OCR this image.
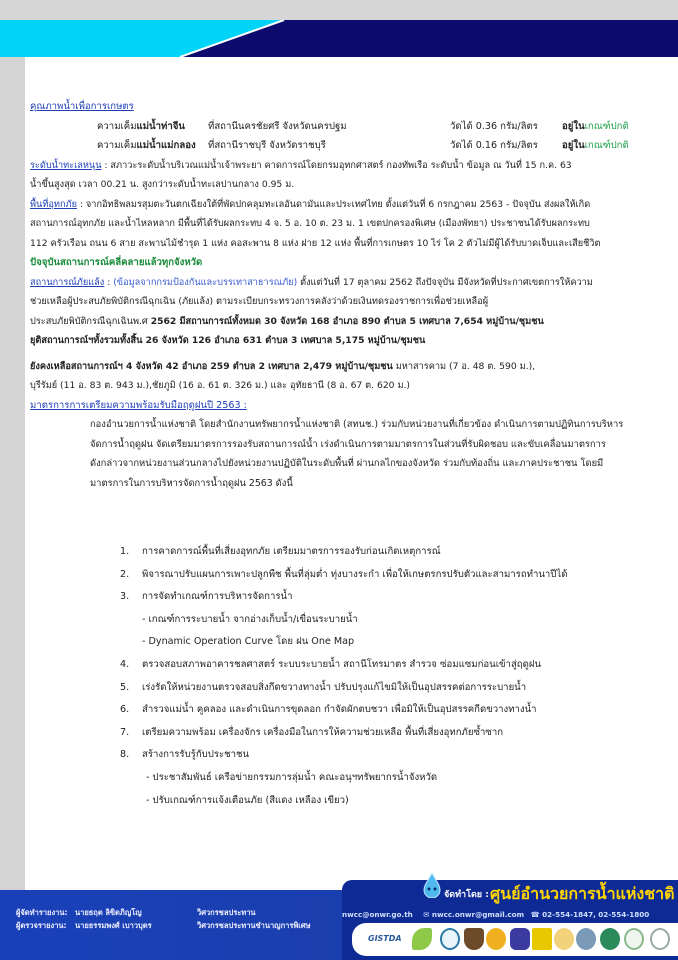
คุณภาพน้ำเพื่อการเกษตร
ความเค็มแม่น้ำท่าจีน ที่สถานีนครชัยศรี จังหวัดนครปฐม	วัดได้ 0.36 กรัม/ลิตร	อยู่ในเกณฑ์ปกติ
ความเค็มแม่น้ำแม่กลอง ที่สถานีราชบุรี จังหวัดราชบุรี	วัดได้ 0.16 กรัม/ลิตร	อยู่ในเกณฑ์ปกติ
ระดับน้ำทะเลหนุน : สภาวะระดับน้ำบริเวณแม่น้ำเจ้าพระยา คาดการณ์โดยกรมอุทกศาสตร์ กองทัพเรือ ระดับน้ำ ข้อมูล ณ วันที่ 15 ก.ค. 63
น้ำขึ้นสูงสุด เวลา 00.21 น. สูงกว่าระดับน้ำทะเลปานกลาง 0.95 ม.
พื้นที่อุทกภัย : จากอิทธิพลมรสุมตะวันตกเฉียงใต้ที่พัดปกคลุมทะเลอันดามันและประเทศไทย ตั้งแต่วันที่ 6 กรกฎาคม 2563 - ปัจจุบัน ส่งผลให้เกิด
สถานการณ์อุทกภัย และน้ำไหลหลาก มีพื้นที่ได้รับผลกระทบ 4 จ. 5 อ. 10 ต. 23 ม. 1 เขตปกครองพิเศษ (เมืองพัทยา) ประชาชนได้รับผลกระทบ
112 ครัวเรือน ถนน 6 สาย สะพานไม้ชำรุด 1 แห่ง คอสะพาน 8 แห่ง ฝาย 12 แห่ง พื้นที่การเกษตร 10 ไร่ โค 2 ตัวไม่มีผู้ได้รับบาดเจ็บและเสียชีวิต
ปัจจุบันสถานการณ์คลี่คลายแล้วทุกจังหวัด
สถานการณ์ภัยแล้ง : (ข้อมูลจากกรมป้องกันและบรรเทาสาธารณภัย) ตั้งแต่วันที่ 17 ตุลาคม 2562 ถึงปัจจุบัน มีจังหวัดที่ประกาศเขตการให้ความ
ช่วยเหลือผู้ประสบภัยพิบัติกรณีฉุกเฉิน (ภัยแล้ง) ตามระเบียบกระทรวงการคลังว่าด้วยเงินทดรองราชการเพื่อช่วยเหลือผู้
ประสบภัยพิบัติกรณีฉุกเฉินพ.ศ 2562 มีสถานการณ์ทั้งหมด 30 จังหวัด 168 อำเภอ 890 ตำบล 5 เทศบาล 7,654 หมู่บ้าน/ชุมชน
ยุติสถานการณ์ฯทั้งรวมทั้งสิ้น 26 จังหวัด 126 อำเภอ 631 ตำบล 3 เทศบาล 5,175 หมู่บ้าน/ชุมชน
ยังคงเหลือสถานการณ์ฯ 4 จังหวัด 42 อำเภอ 259 ตำบล 2 เทศบาล 2,479 หมู่บ้าน/ชุมชน มหาสารคาม (7 อ. 48 ต. 590 ม.),
บุรีรัมย์ (11 อ. 83 ต. 943 ม.),ชัยภูมิ (16 อ. 61 ต. 326 ม.) และ อุทัยธานี (8 อ. 67 ต. 620 ม.)
มาตรการการเตรียมความพร้อมรับมือฤดูฝนปี 2563 :
กองอำนวยการน้ำแห่งชาติ โดยสำนักงานทรัพยากรน้ำแห่งชาติ (สทนช.) ร่วมกับหน่วยงานที่เกี่ยวข้อง ดำเนินการตามปฏิทินการบริหาร
จัดการน้ำฤดูฝน จัดเตรียมมาตรการรองรับสถานการณ์น้ำ เร่งดำเนินการตามมาตรการในส่วนที่รับผิดชอบ และขับเคลื่อนมาตรการ
ดังกล่าวจากหน่วยงานส่วนกลางไปยังหน่วยงานปฏิบัติในระดับพื้นที่ ผ่านกลไกของจังหวัด ร่วมกับท้องถิ่น และภาคประชาชน โดยมี
มาตรการในการบริหารจัดการน้ำฤดูฝน 2563 ดังนี้
1. การคาดการณ์พื้นที่เสี่ยงอุทกภัย เตรียมมาตรการรองรับก่อนเกิดเหตุการณ์
2. พิจารณาปรับแผนการเพาะปลูกพืช พื้นที่ลุ่มต่ำ ทุ่งบางระกำ เพื่อให้เกษตรกรปรับตัวและสามารถทำนาปีได้
3. การจัดทำเกณฑ์การบริหารจัดการน้ำ
- เกณฑ์การระบายน้ำ จากอ่างเก็บน้ำ/เขื่อนระบายน้ำ
- Dynamic Operation Curve โดย ฝน One Map
4. ตรวจสอบสภาพอาคารชลศาสตร์ ระบบระบายน้ำ สถานีโทรมาตร สำรวจ ซ่อมแซมก่อนเข้าสู่ฤดูฝน
5. เร่งรัดให้หน่วยงานตรวจสอบสิ่งกีดขวางทางน้ำ ปรับปรุงแก้ไขมิให้เป็นอุปสรรคต่อการระบายน้ำ
6. สำรวจแม่น้ำ คูคลอง และดำเนินการขุดลอก กำจัดผักตบชวา เพื่อมิให้เป็นอุปสรรคกีดขวางทางน้ำ
7. เตรียมความพร้อม เครื่องจักร เครื่องมือในการให้ความช่วยเหลือ พื้นที่เสี่ยงอุทกภัยซ้ำซาก
8. สร้างการรับรู้กับประชาชน
- ประชาสัมพันธ์ เครือข่ายกรรมการลุ่มน้ำ คณะอนุฯทรัพยากรน้ำจังหวัด
- ปรับเกณฑ์การแจ้งเตือนภัย (สีแดง เหลือง เขียว)
ผู้จัดทำรายงาน: นายธฤต ลิขิตภิญโญ	วิศวกรชลประทาน
ผู้ตรวจรายงาน: นายธรรมพงศ์ เบาวบุตร	วิศวกรชลประทานชำนาญการพิเศษ
จัดทำโดย : ศูนย์อำนวยการน้ำแห่งชาติ
nwcc@onwr.go.th ✉ nwcc.onwr@gmail.com ☎ 02-554-1847, 02-554-1800
GISTDA
